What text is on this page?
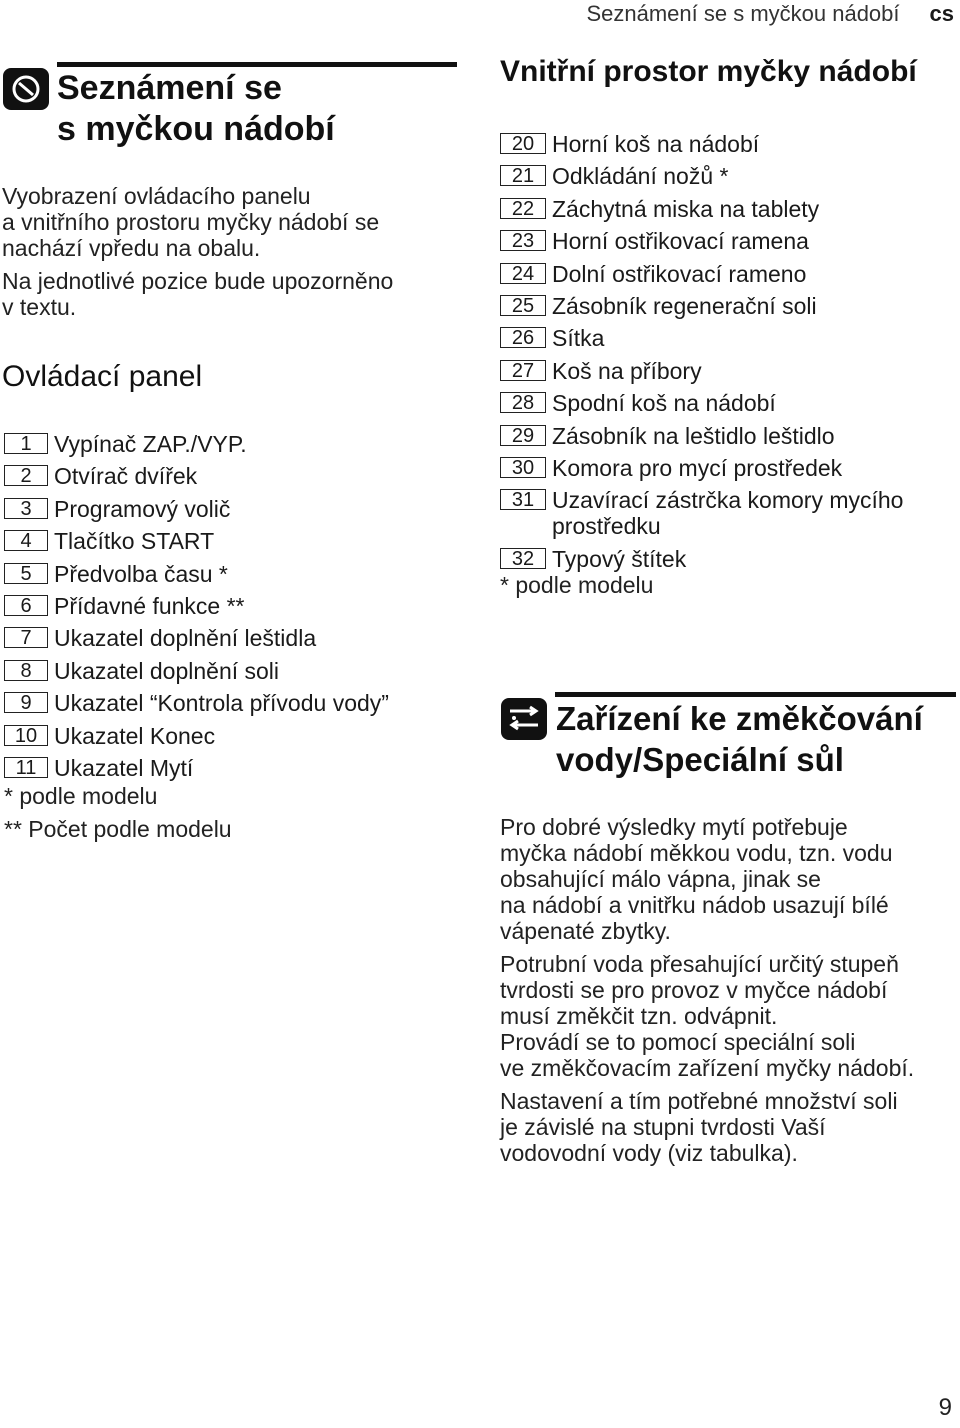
Seznámení se s myčkou nádobí cs
Seznámení se
s myčkou nádobí
Vyobrazení ovládacího panelu
a vnitřního prostoru myčky nádobí se
nachází vpředu na obalu.
Na jednotlivé pozice bude upozorněno
v textu.
Ovládací panel
1 Vypínač ZAP./VYP.
2 Otvírač dvířek
3 Programový volič
4 Tlačítko START
5 Předvolba času *
6 Přídavné funkce **
7 Ukazatel doplnění leštidla
8 Ukazatel doplnění soli
9 Ukazatel “Kontrola přívodu vody”
10 Ukazatel Konec
11 Ukazatel Mytí
* podle modelu
** Počet podle modelu
Vnitřní prostor myčky nádobí
20 Horní koš na nádobí
21 Odkládání nožů *
22 Záchytná miska na tablety
23 Horní ostřikovací ramena
24 Dolní ostřikovací rameno
25 Zásobník regenerační soli
26 Sítka
27 Koš na příbory
28 Spodní koš na nádobí
29 Zásobník na leštidlo leštidlo
30 Komora pro mycí prostředek
31 Uzavírací zástrčka komory mycího
prostředku
32 Typový štítek
* podle modelu
Zařízení ke změkčování
vody/Speciální sůl
Pro dobré výsledky mytí potřebuje
myčka nádobí měkkou vodu, tzn. vodu
obsahující málo vápna, jinak se
na nádobí a vnitřku nádob usazují bílé
vápenaté zbytky.
Potrubní voda přesahující určitý stupeň
tvrdosti se pro provoz v myčce nádobí
musí změkčit tzn. odvápnit.
Provádí se to pomocí speciální soli
ve změkčovacím zařízení myčky nádobí.
Nastavení a tím potřebné množství soli
je závislé na stupni tvrdosti Vaší
vodovodní vody (viz tabulka).
9
